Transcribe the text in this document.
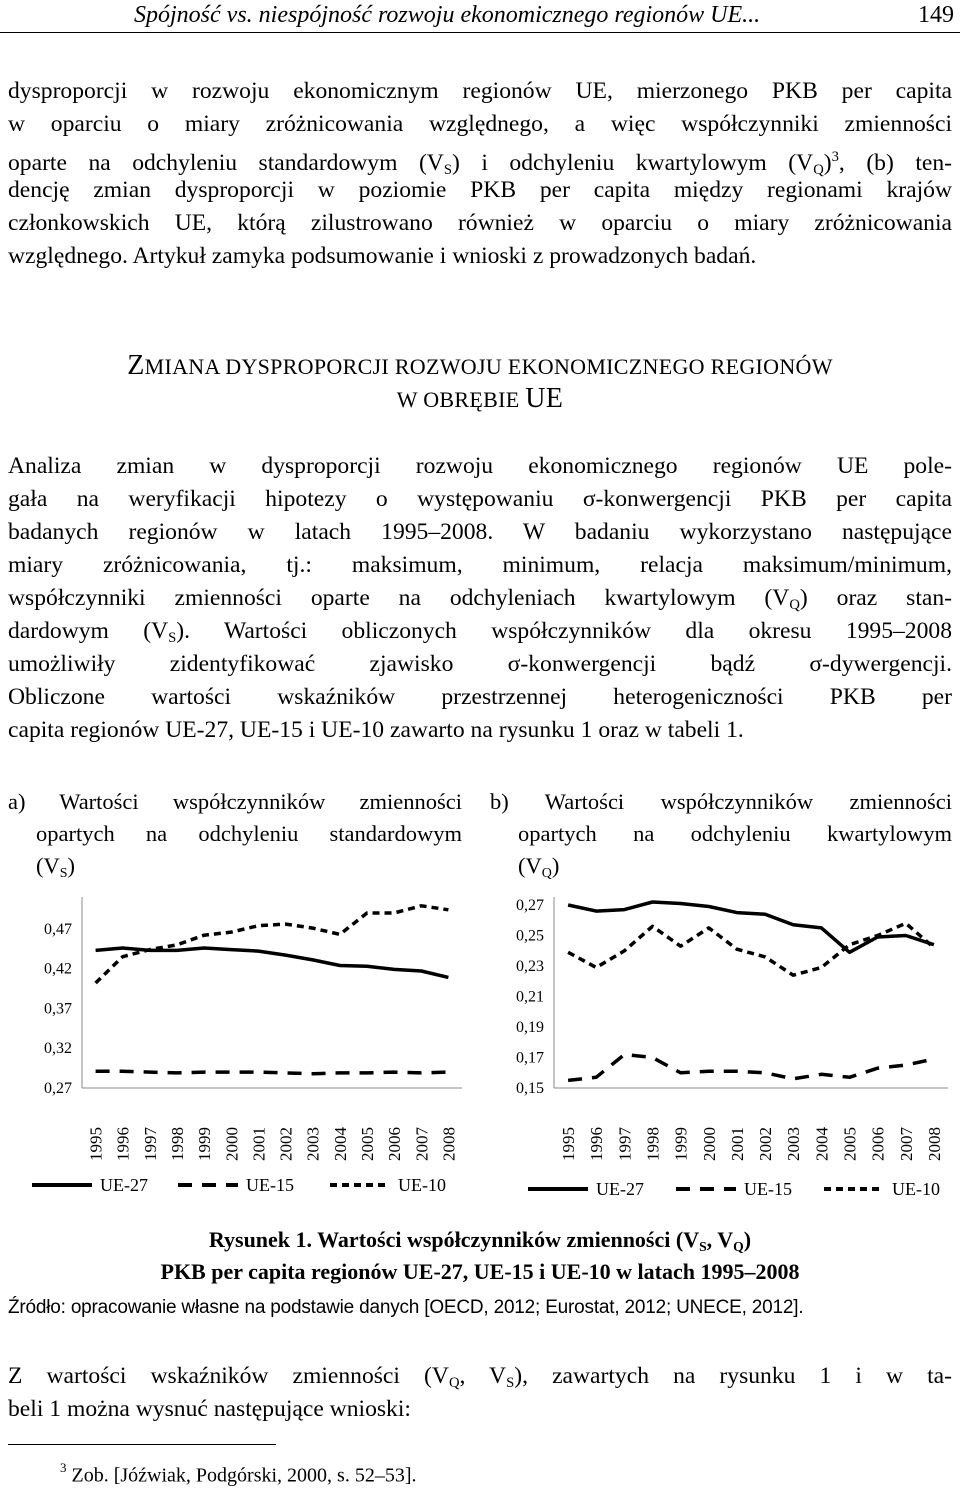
Spójność vs. niespójność rozwoju ekonomicznego regionów UE...	149
dysproporcji w rozwoju ekonomicznym regionów UE, mierzonego PKB per capita
w oparciu o miary zróżnicowania względnego, a więc współczynniki zmienności
oparte na odchyleniu standardowym $(V_S)$ i odchyleniu kwartylowym $(V_Q)^3$, (b) ten-
dencję zmian dysproporcji w poziomie PKB per capita między regionami krajów
członkowskich UE, którą zilustrowano również w oparciu o miary zróżnicowania
względnego. Artykuł zamyka podsumowanie i wnioski z prowadzonych badań.
ZMIANA DYSPROPORCJI ROZWOJU EKONOMICZNEGO REGIONÓW
W OBRĘBIE UE
Analiza zmian w dysproporcji rozwoju ekonomicznego regionów UE pole-
gała na weryfikacji hipotezy o występowaniu σ-konwergencji PKB per capita
badanych regionów w latach 1995–2008. W badaniu wykorzystano następujące
miary zróżnicowania, tj.: maksimum, minimum, relacja maksimum/minimum,
współczynniki zmienności oparte na odchyleniach kwartylowym $(V_Q)$ oraz stan-
dardowym $(V_S)$. Wartości obliczonych współczynników dla okresu 1995–2008
umożliwiły zidentyfikować zjawisko σ-konwergencji bądź σ-dywergencji.
Obliczone wartości wskaźników przestrzennej heterogeniczności PKB per
capita regionów UE-27, UE-15 i UE-10 zawarto na rysunku 1 oraz w tabeli 1.
a) Wartości współczynników zmienności
opartych na odchyleniu standardowym
$(V_S)$
b) Wartości współczynników zmienności
opartych na odchyleniu kwartylowym
$(V_Q)$
0,27
0,32
0,37
0,42
0,47
1995 1996 1997 1998 1999 2000 2001 2002 2003 2004 2005 2006 2007 2008
UE-27	UE-15	UE-10
0,15
0,17
0,19
0,21
0,23
0,25
0,27
1995 1996 1997 1998 1999 2000 2001 2002 2003 2004 2005 2006 2007 2008
UE-27	UE-15	UE-10
Rysunek 1. Wartości współczynników zmienności ($V_S$, $V_Q$)
PKB per capita regionów UE-27, UE-15 i UE-10 w latach 1995–2008
Źródło: opracowanie własne na podstawie danych [OECD, 2012; Eurostat, 2012; UNECE, 2012].
Z wartości wskaźników zmienności ($V_Q$, $V_S$), zawartych na rysunku 1 i w ta-
beli 1 można wysnuć następujące wnioski:
$^3$ Zob. [Jóźwiak, Podgórski, 2000, s. 52–53].
